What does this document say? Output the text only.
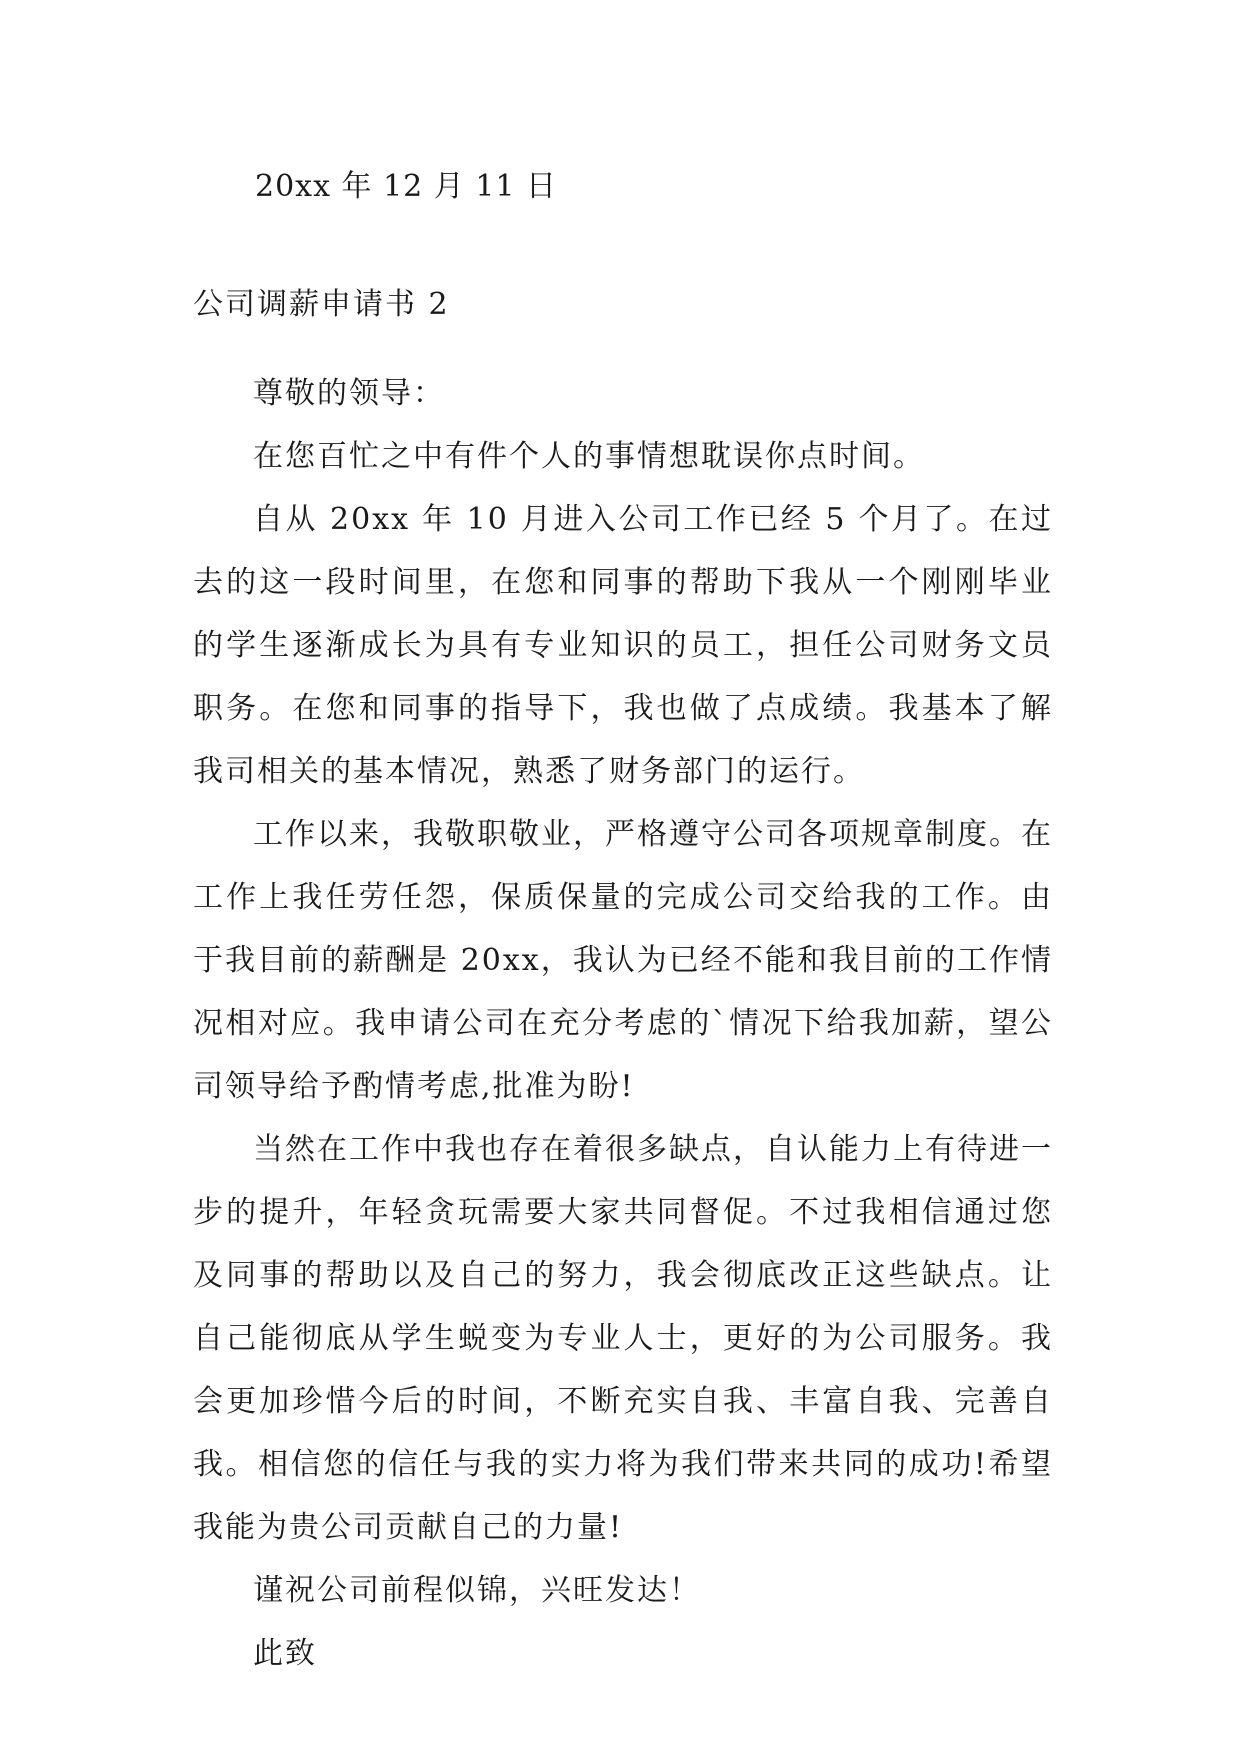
20xx 年 12 月 11 日
公司调薪申请书 2

尊敬的领导：

在您百忙之中有件个人的事情想耽误你点时间。

自从 20xx 年 10 月进入公司工作已经 5 个月了。在过去的这一段时间里，在您和同事的帮助下我从一个刚刚毕业的学生逐渐成长为具有专业知识的员工，担任公司财务文员职务。在您和同事的指导下，我也做了点成绩。我基本了解我司相关的基本情况，熟悉了财务部门的运行。

工作以来，我敬职敬业，严格遵守公司各项规章制度。在工作上我任劳任怨，保质保量的完成公司交给我的工作。由于我目前的薪酬是 20xx，我认为已经不能和我目前的工作情况相对应。我申请公司在充分考虑的`情况下给我加薪，望公司领导给予酌情考虑,批准为盼!

当然在工作中我也存在着很多缺点，自认能力上有待进一步的提升，年轻贪玩需要大家共同督促。不过我相信通过您及同事的帮助以及自己的努力，我会彻底改正这些缺点。让自己能彻底从学生蜕变为专业人士，更好的为公司服务。我会更加珍惜今后的时间，不断充实自我、丰富自我、完善自我。相信您的信任与我的实力将为我们带来共同的成功!希望我能为贵公司贡献自己的力量!

谨祝公司前程似锦，兴旺发达！

此致
